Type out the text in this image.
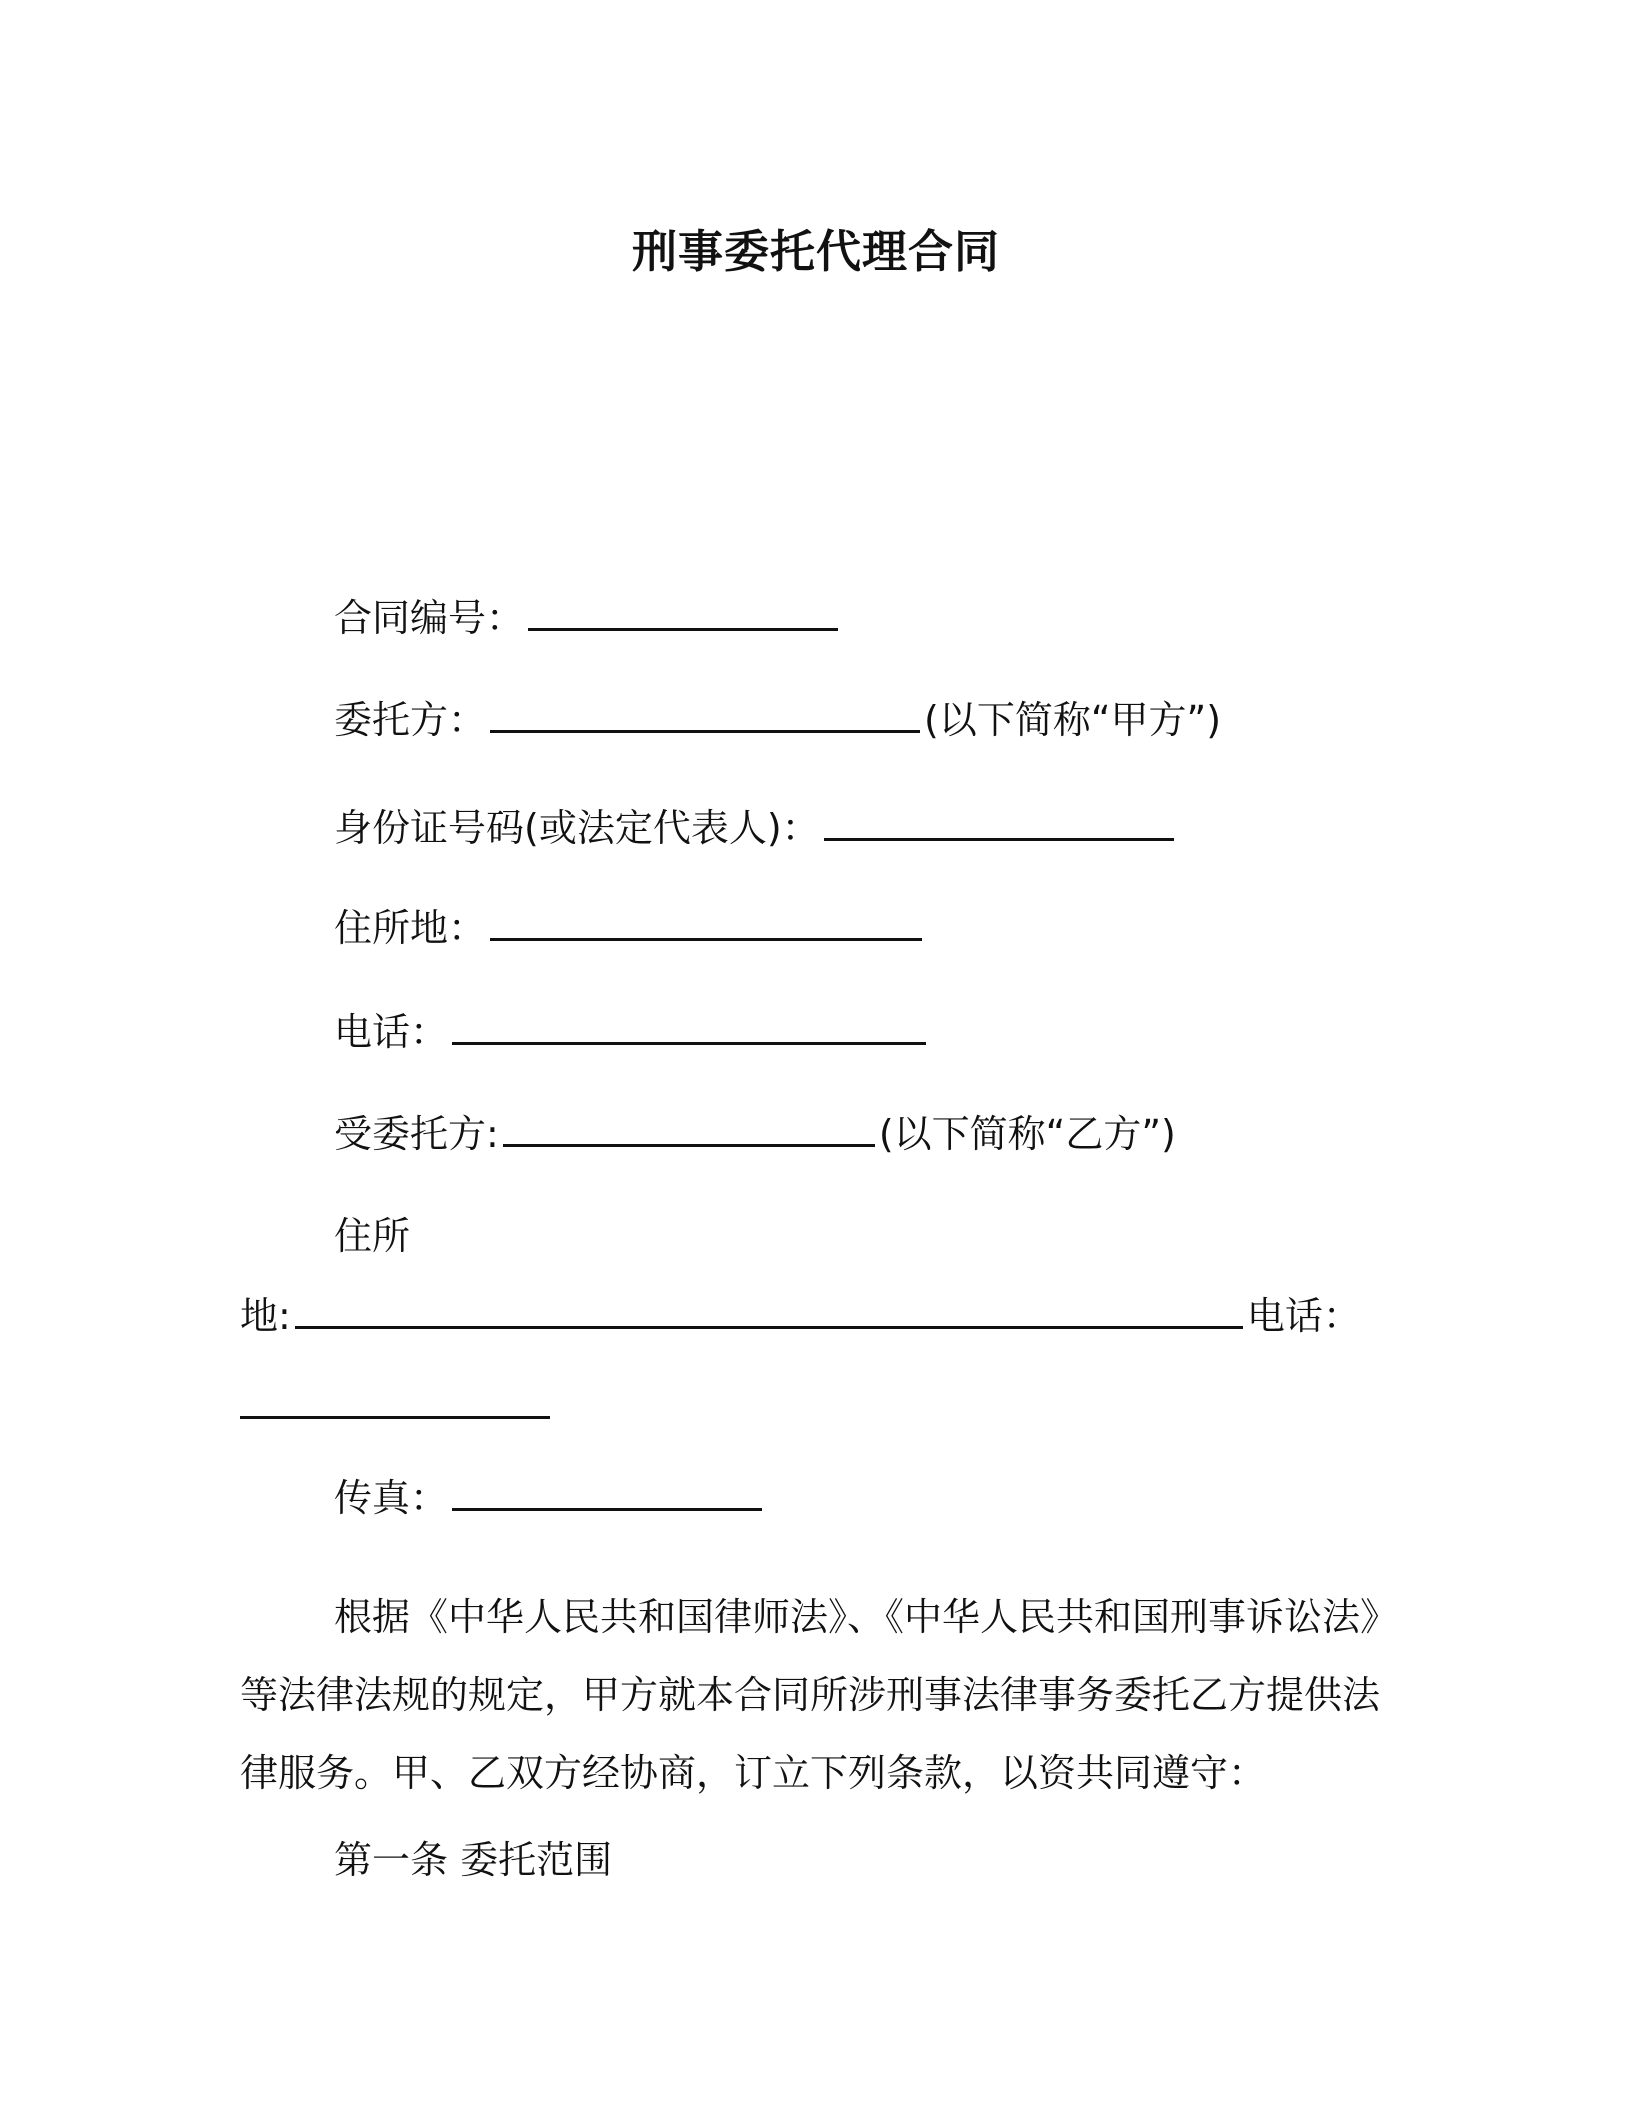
刑事委托代理合同
合同编号：
委托方：	(以下简称“甲方”)
身份证号码(或法定代表人)：
住所地：
电话：
受委托方:	(以下简称“乙方”)
住所
地:	电话：
传真：
根据《中华人民共和国律师法》、《中华人民共和国刑事诉讼法》等法律法规的规定，甲方就本合同所涉刑事法律事务委托乙方提供法律服务。甲、乙双方经协商，订立下列条款，以资共同遵守：
第一条 委托范围
